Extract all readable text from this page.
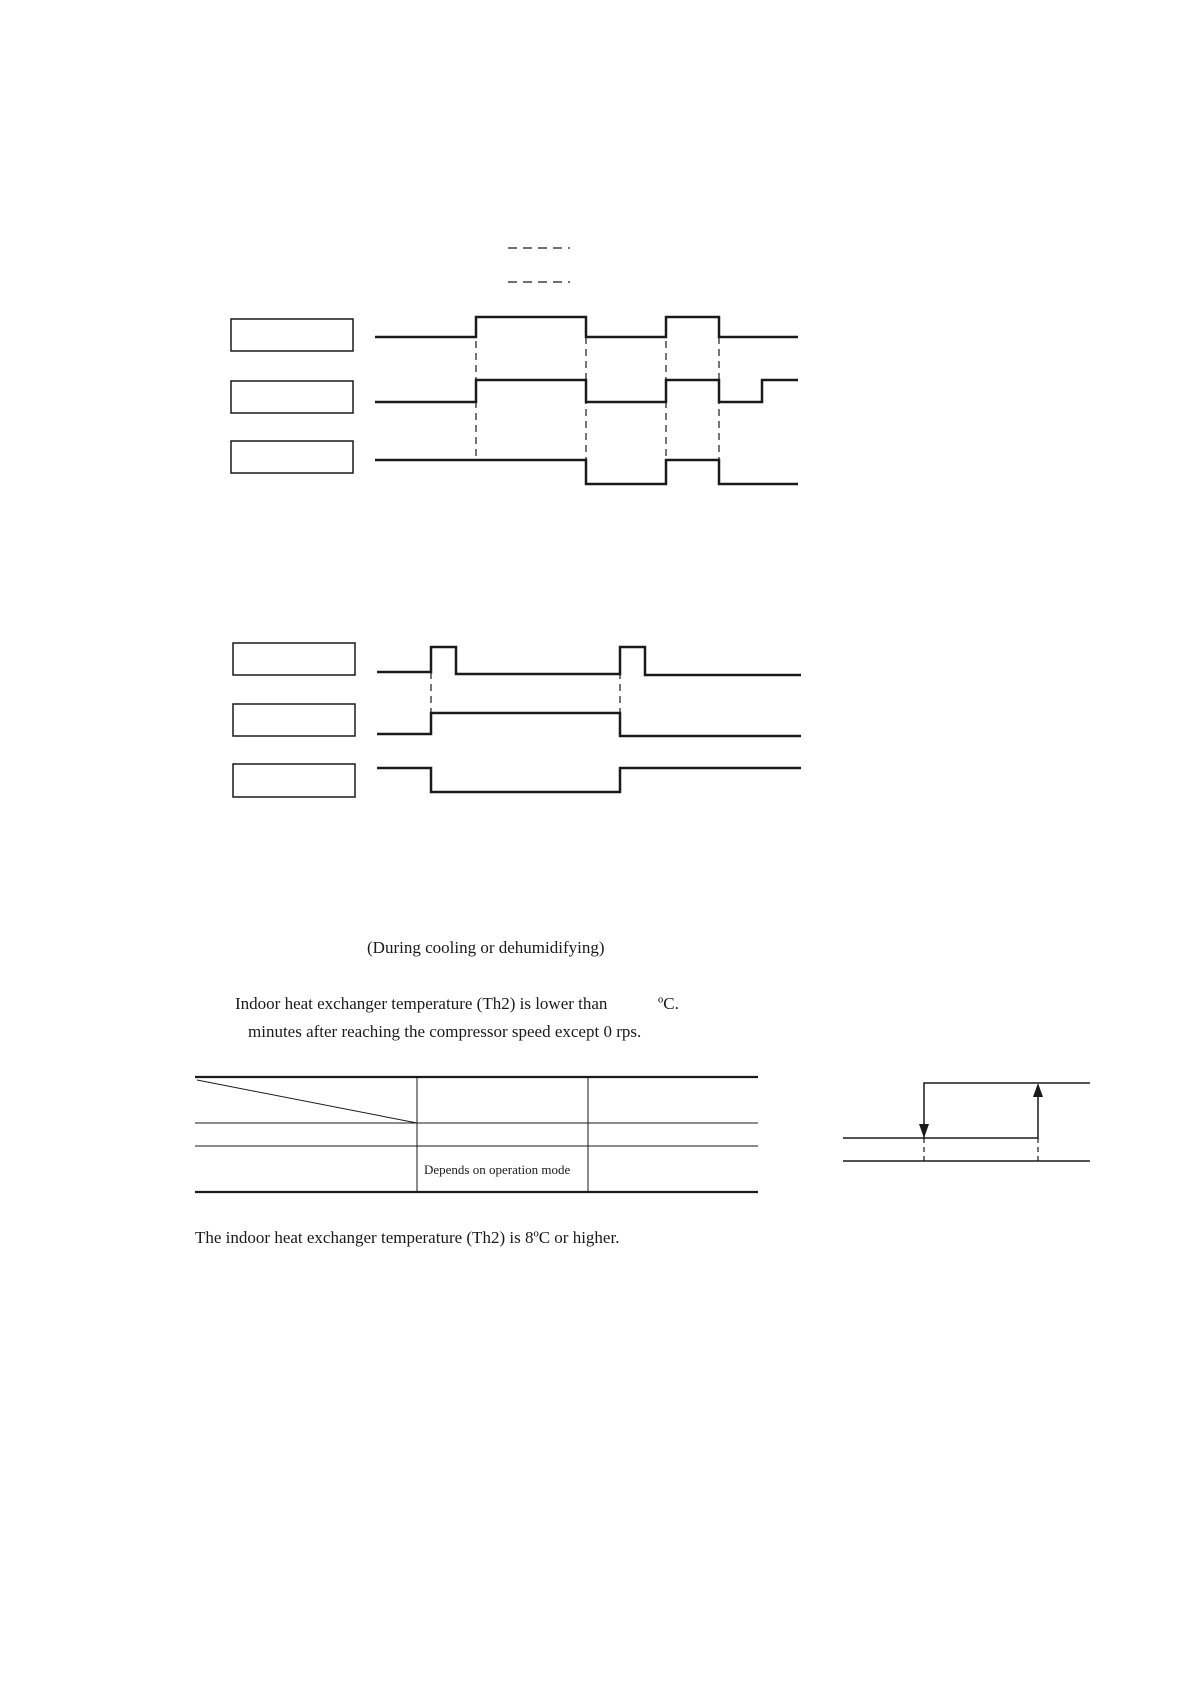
(During cooling or dehumidifying)
Indoor heat exchanger temperature (Th2) is lower than	ºC.
minutes after reaching the compressor speed except 0 rps.
Depends on operation mode
The indoor heat exchanger temperature (Th2) is 8ºC or higher.
